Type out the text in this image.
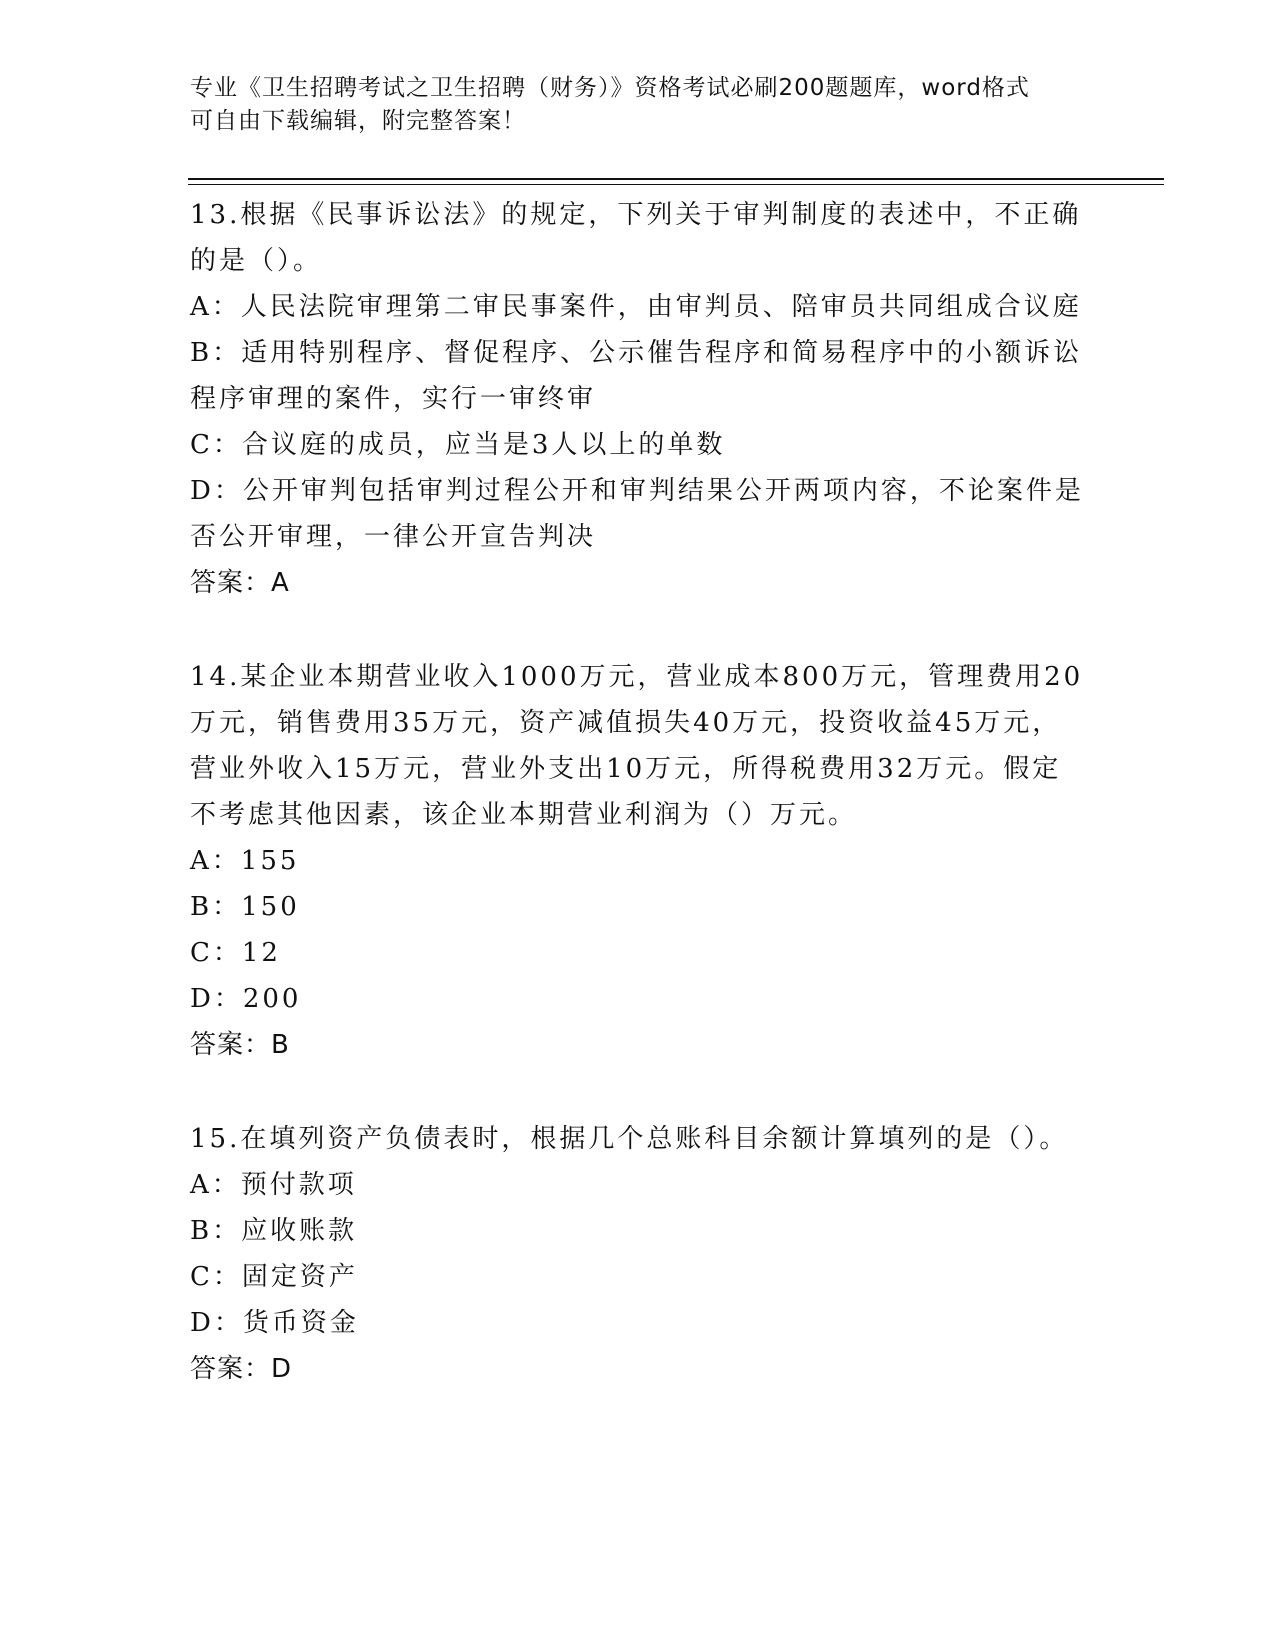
专业《卫生招聘考试之卫生招聘（财务）》资格考试必刷200题题库，word格式
可自由下载编辑，附完整答案！

13.根据《民事诉讼法》的规定，下列关于审判制度的表述中，不正确

的是（）。

A：人民法院审理第二审民事案件，由审判员、陪审员共同组成合议庭

B：适用特别程序、督促程序、公示催告程序和简易程序中的小额诉讼

程序审理的案件，实行一审终审

C：合议庭的成员，应当是3人以上的单数

D：公开审判包括审判过程公开和审判结果公开两项内容，不论案件是

否公开审理，一律公开宣告判决

答案：A

14.某企业本期营业收入1000万元，营业成本800万元，管理费用20

万元，销售费用35万元，资产减值损失40万元，投资收益45万元，

营业外收入15万元，营业外支出10万元，所得税费用32万元。假定

不考虑其他因素，该企业本期营业利润为（）万元。

A：155

B：150

C：12

D：200

答案：B

15.在填列资产负债表时，根据几个总账科目余额计算填列的是（）。

A：预付款项

B：应收账款

C：固定资产

D：货币资金

答案：D
